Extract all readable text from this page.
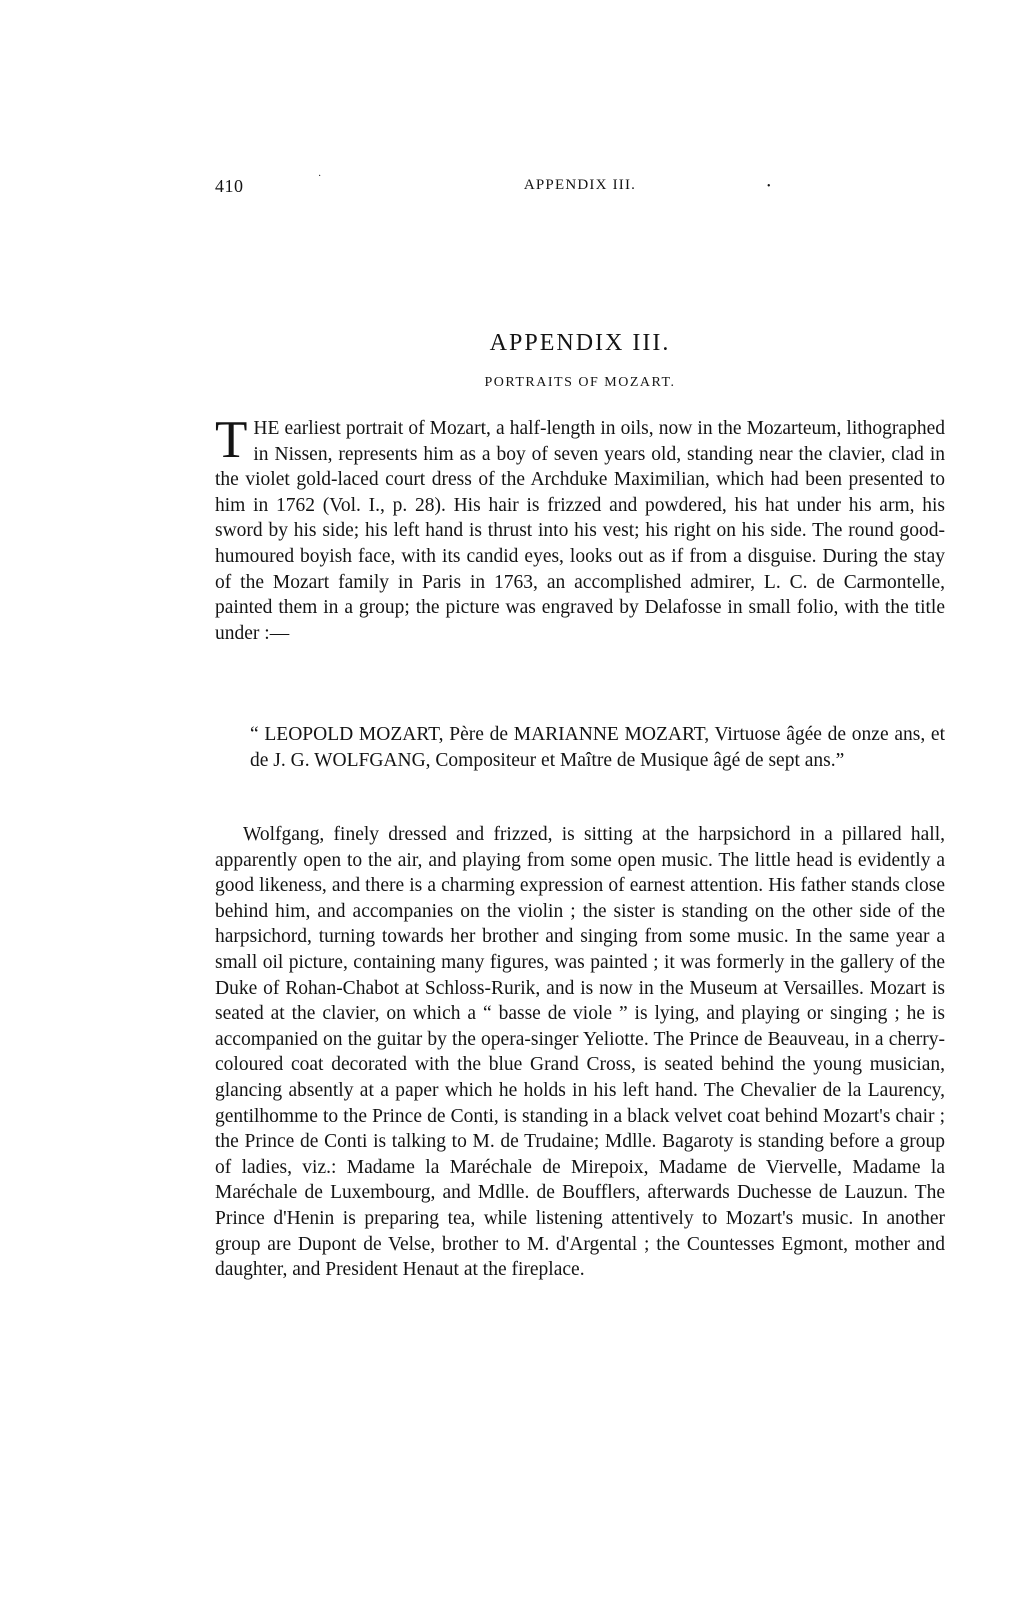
410	·
APPENDIX III.	•
APPENDIX III.
PORTRAITS OF MOZART.
THE earliest portrait of Mozart, a half-length in oils, now in the Mozarteum, lithographed in Nissen, represents him as a boy of seven years old, standing near the clavier, clad in the violet gold-laced court dress of the Archduke Maximilian, which had been presented to him in 1762 (Vol. I., p. 28). His hair is frizzed and powdered, his hat under his arm, his sword by his side; his left hand is thrust into his vest; his right on his side. The round good-humoured boyish face, with its candid eyes, looks out as if from a disguise. During the stay of the Mozart family in Paris in 1763, an accomplished admirer, L. C. de Carmontelle, painted them in a group; the picture was engraved by Delafosse in small folio, with the title under :—
“ LEOPOLD MOZART, Père de MARIANNE MOZART, Virtuose âgée de onze ans, et de J. G. WOLFGANG, Compositeur et Maître de Musique âgé de sept ans.”
Wolfgang, finely dressed and frizzed, is sitting at the harpsichord in a pillared hall, apparently open to the air, and playing from some open music. The little head is evidently a good likeness, and there is a charming expression of earnest attention. His father stands close behind him, and accompanies on the violin ; the sister is standing on the other side of the harpsichord, turning towards her brother and singing from some music. In the same year a small oil picture, containing many figures, was painted ; it was formerly in the gallery of the Duke of Rohan-Chabot at Schloss-Rurik, and is now in the Museum at Versailles. Mozart is seated at the clavier, on which a “ basse de viole ” is lying, and playing or singing ; he is accompanied on the guitar by the opera-singer Yeliotte. The Prince de Beauveau, in a cherry-coloured coat decorated with the blue Grand Cross, is seated behind the young musician, glancing absently at a paper which he holds in his left hand. The Chevalier de la Laurency, gentilhomme to the Prince de Conti, is standing in a black velvet coat behind Mozart's chair ; the Prince de Conti is talking to M. de Trudaine; Mdlle. Bagaroty is standing before a group of ladies, viz.: Madame la Maréchale de Mirepoix, Madame de Viervelle, Madame la Maréchale de Luxembourg, and Mdlle. de Boufflers, afterwards Duchesse de Lauzun. The Prince d'Henin is preparing tea, while listening attentively to Mozart's music. In another group are Dupont de Velse, brother to M. d'Argental ; the Countesses Egmont, mother and daughter, and President Henaut at the fireplace.
